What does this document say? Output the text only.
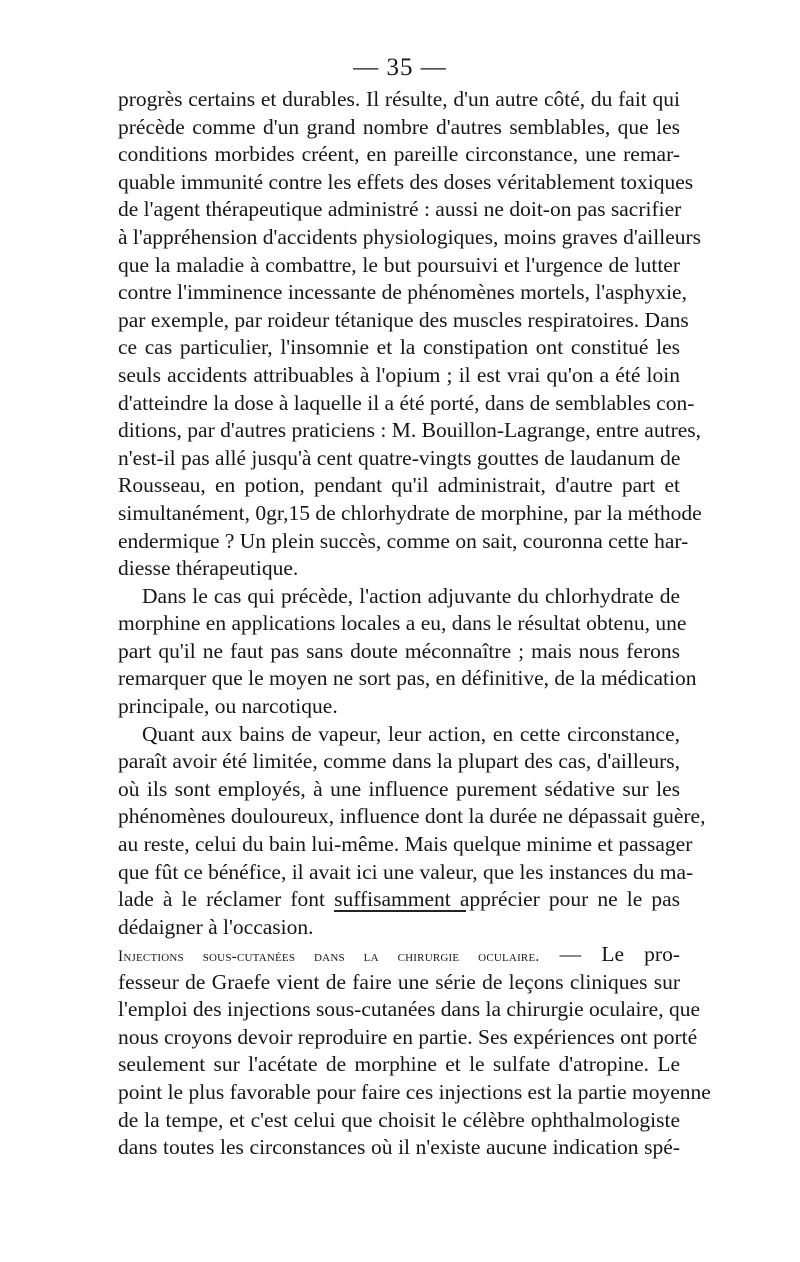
— 35 —
progrès certains et durables. Il résulte, d'un autre côté, du fait qui
précède comme d'un grand nombre d'autres semblables, que les
conditions morbides créent, en pareille circonstance, une remar-
quable immunité contre les effets des doses véritablement toxiques
de l'agent thérapeutique administré : aussi ne doit-on pas sacrifier
à l'appréhension d'accidents physiologiques, moins graves d'ailleurs
que la maladie à combattre, le but poursuivi et l'urgence de lutter
contre l'imminence incessante de phénomènes mortels, l'asphyxie,
par exemple, par roideur tétanique des muscles respiratoires. Dans
ce cas particulier, l'insomnie et la constipation ont constitué les
seuls accidents attribuables à l'opium ; il est vrai qu'on a été loin
d'atteindre la dose à laquelle il a été porté, dans de semblables con-
ditions, par d'autres praticiens : M. Bouillon-Lagrange, entre autres,
n'est-il pas allé jusqu'à cent quatre-vingts gouttes de laudanum de
Rousseau, en potion, pendant qu'il administrait, d'autre part et
simultanément, 0gr,15 de chlorhydrate de morphine, par la méthode
endermique ? Un plein succès, comme on sait, couronna cette har-
diesse thérapeutique.
Dans le cas qui précède, l'action adjuvante du chlorhydrate de
morphine en applications locales a eu, dans le résultat obtenu, une
part qu'il ne faut pas sans doute méconnaître ; mais nous ferons
remarquer que le moyen ne sort pas, en définitive, de la médication
principale, ou narcotique.
Quant aux bains de vapeur, leur action, en cette circonstance,
paraît avoir été limitée, comme dans la plupart des cas, d'ailleurs,
où ils sont employés, à une influence purement sédative sur les
phénomènes douloureux, influence dont la durée ne dépassait guère,
au reste, celui du bain lui-même. Mais quelque minime et passager
que fût ce bénéfice, il avait ici une valeur, que les instances du ma-
lade à le réclamer font suffisamment apprécier pour ne le pas
dédaigner à l'occasion.
Injections sous-cutanées dans la chirurgie oculaire. — Le pro-
fesseur de Graefe vient de faire une série de leçons cliniques sur
l'emploi des injections sous-cutanées dans la chirurgie oculaire, que
nous croyons devoir reproduire en partie. Ses expériences ont porté
seulement sur l'acétate de morphine et le sulfate d'atropine. Le
point le plus favorable pour faire ces injections est la partie moyenne
de la tempe, et c'est celui que choisit le célèbre ophthalmologiste
dans toutes les circonstances où il n'existe aucune indication spé-
